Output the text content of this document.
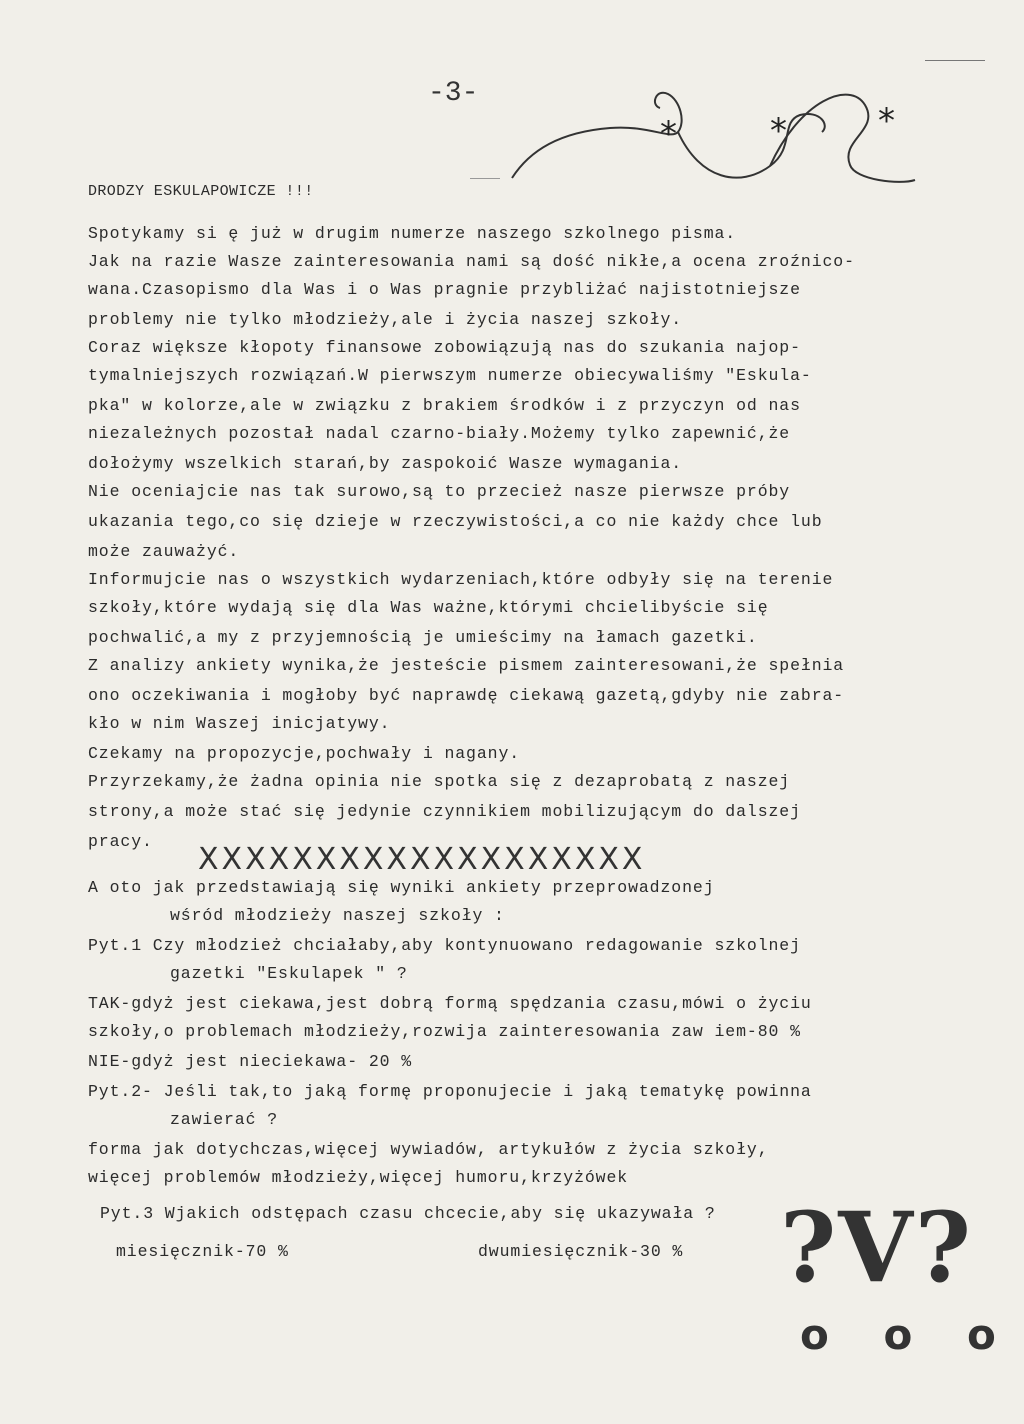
-3-
*	*	*
DRODZY ESKULAPOWICZE !!!
Spotykamy si ę już w drugim numerze naszego szkolnego pisma.
Jak na razie Wasze zainteresowania nami są dość nikłe,a ocena zroźnico-
wana.Czasopismo dla Was i o Was pragnie przybliżać najistotniejsze
problemy nie tylko młodzieży,ale i życia naszej szkoły.
Coraz większe kłopoty finansowe zobowiązują nas do szukania najop-
tymalniejszych rozwiązań.W pierwszym numerze obiecywaliśmy "Eskula-
pka" w kolorze,ale w związku z brakiem środków i z przyczyn od nas
niezależnych pozostał nadal czarno-biały.Możemy tylko zapewnić,że
dołożymy wszelkich starań,by zaspokoić Wasze wymagania.
Nie oceniajcie nas tak surowo,są to przecież nasze pierwsze próby
ukazania tego,co się dzieje w rzeczywistości,a co nie każdy chce lub
może zauważyć.
Informujcie nas o wszystkich wydarzeniach,które odbyły się na terenie
szkoły,które wydają się dla Was ważne,którymi chcielibyście się
pochwalić,a my z przyjemnością je umieścimy na łamach gazetki.
Z analizy ankiety wynika,że jesteście pismem zainteresowani,że spełnia
ono oczekiwania i mogłoby być naprawdę ciekawą gazetą,gdyby nie zabra-
kło w nim Waszej inicjatywy.
Czekamy na propozycje,pochwały i nagany.
Przyrzekamy,że żadna opinia nie spotka się z dezaprobatą z naszej
strony,a może stać się jedynie czynnikiem mobilizującym do dalszej
pracy.
XXXXXXXXXXXXXXXXXXX
A oto jak przedstawiają się wyniki ankiety przeprowadzonej
wśród młodzieży naszej szkoły :
Pyt.1 Czy młodzież chciałaby,aby kontynuowano redagowanie szkolnej
gazetki "Eskulapek " ?
TAK-gdyż jest ciekawa,jest dobrą formą spędzania czasu,mówi o życiu
szkoły,o problemach młodzieży,rozwija zainteresowania zaw iem-80 %
NIE-gdyż jest nieciekawa- 20 %
Pyt.2- Jeśli tak,to jaką formę proponujecie i jaką tematykę powinna
zawierać ?
forma jak dotychczas,więcej wywiadów, artykułów z życia szkoły,
więcej problemów młodzieży,więcej humoru,krzyżówek
Pyt.3 Wjakich odstępach czasu chcecie,aby się ukazywała ?
miesięcznik-70 %	dwumiesięcznik-30 % ?V?
o o o
